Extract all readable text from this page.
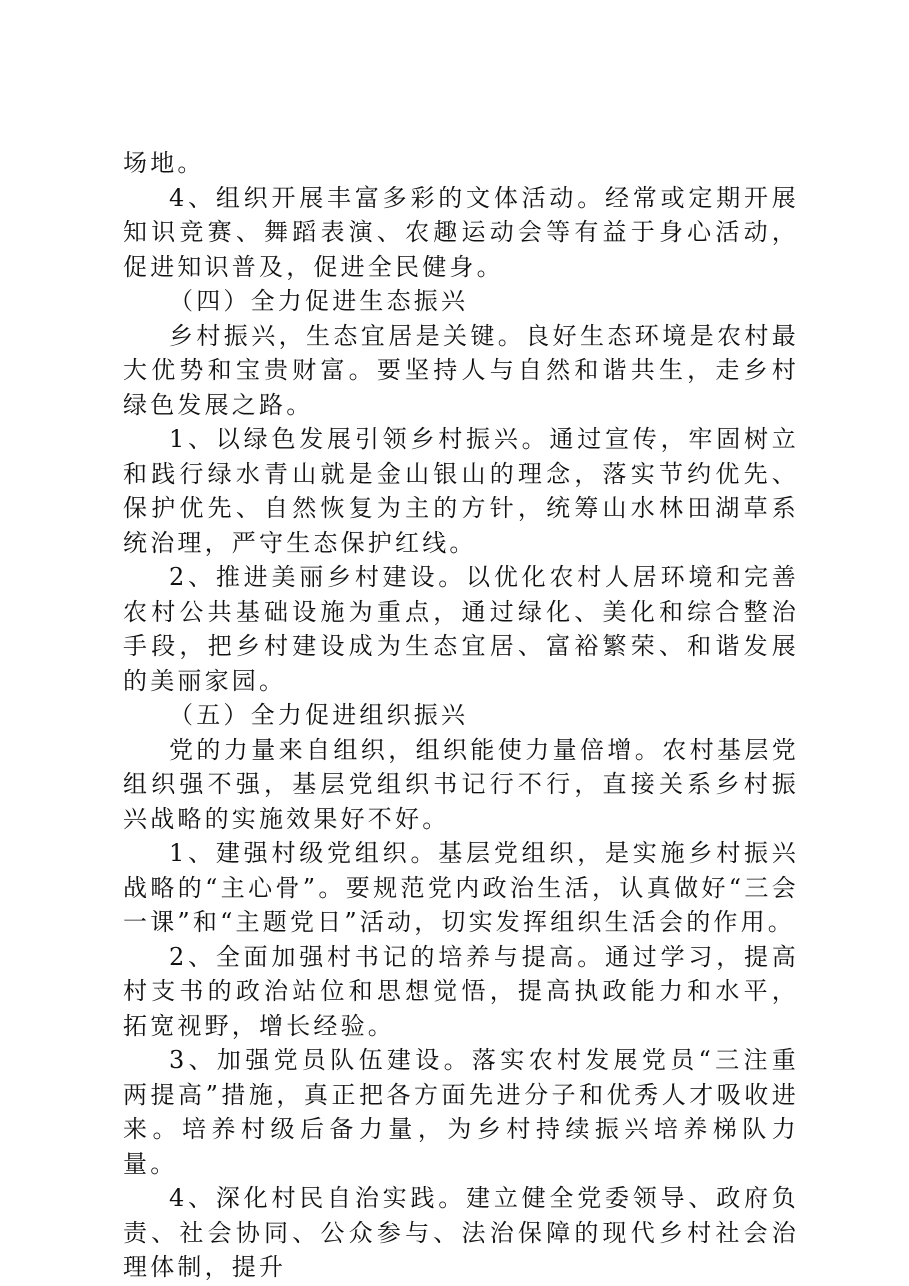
场地。

4、组织开展丰富多彩的文体活动。经常或定期开展知识竞赛、舞蹈表演、农趣运动会等有益于身心活动，促进知识普及，促进全民健身。

（四）全力促进生态振兴

乡村振兴，生态宜居是关键。良好生态环境是农村最大优势和宝贵财富。要坚持人与自然和谐共生，走乡村绿色发展之路。

1、以绿色发展引领乡村振兴。通过宣传，牢固树立和践行绿水青山就是金山银山的理念，落实节约优先、保护优先、自然恢复为主的方针，统筹山水林田湖草系统治理，严守生态保护红线。

2、推进美丽乡村建设。以优化农村人居环境和完善农村公共基础设施为重点，通过绿化、美化和综合整治手段，把乡村建设成为生态宜居、富裕繁荣、和谐发展的美丽家园。

（五）全力促进组织振兴

党的力量来自组织，组织能使力量倍增。农村基层党组织强不强，基层党组织书记行不行，直接关系乡村振兴战略的实施效果好不好。

1、建强村级党组织。基层党组织，是实施乡村振兴战略的“主心骨”。要规范党内政治生活，认真做好“三会一课”和“主题党日”活动，切实发挥组织生活会的作用。

2、全面加强村书记的培养与提高。通过学习，提高村支书的政治站位和思想觉悟，提高执政能力和水平，拓宽视野，增长经验。

3、加强党员队伍建设。落实农村发展党员“三注重两提高”措施，真正把各方面先进分子和优秀人才吸收进来。培养村级后备力量，为乡村持续振兴培养梯队力量。

4、深化村民自治实践。建立健全党委领导、政府负责、社会协同、公众参与、法治保障的现代乡村社会治理体制，提升
